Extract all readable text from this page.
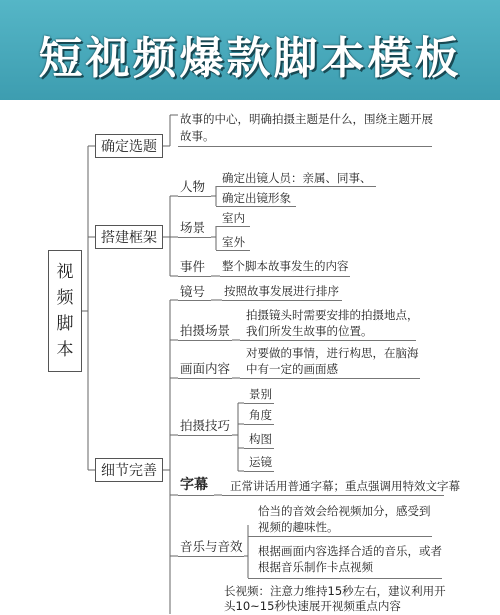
短视频爆款脚本模板
视
频
脚
本
确定选题
搭建框架
细节完善
故事的中心，明确拍摄主题是什么，围绕主题开展
故事。
人物
确定出镜人员：亲属、同事、
确定出镜形象
场景
室内
室外
事件 整个脚本故事发生的内容
镜号 按照故事发展进行排序
拍摄场景
拍摄镜头时需要安排的拍摄地点，
我们所发生故事的位置。
画面内容
对要做的事情，进行构思，在脑海
中有一定的画面感
拍摄技巧
景别
角度
构图
运镜
字幕 正常讲话用普通字幕；重点强调用特效文字幕
音乐与音效
恰当的音效会给视频加分，感受到
视频的趣味性。
根据画面内容选择合适的音乐，或者
根据音乐制作卡点视频
长视频：注意力维持15秒左右，建议利用开
头10~15秒快速展开视频重点内容
